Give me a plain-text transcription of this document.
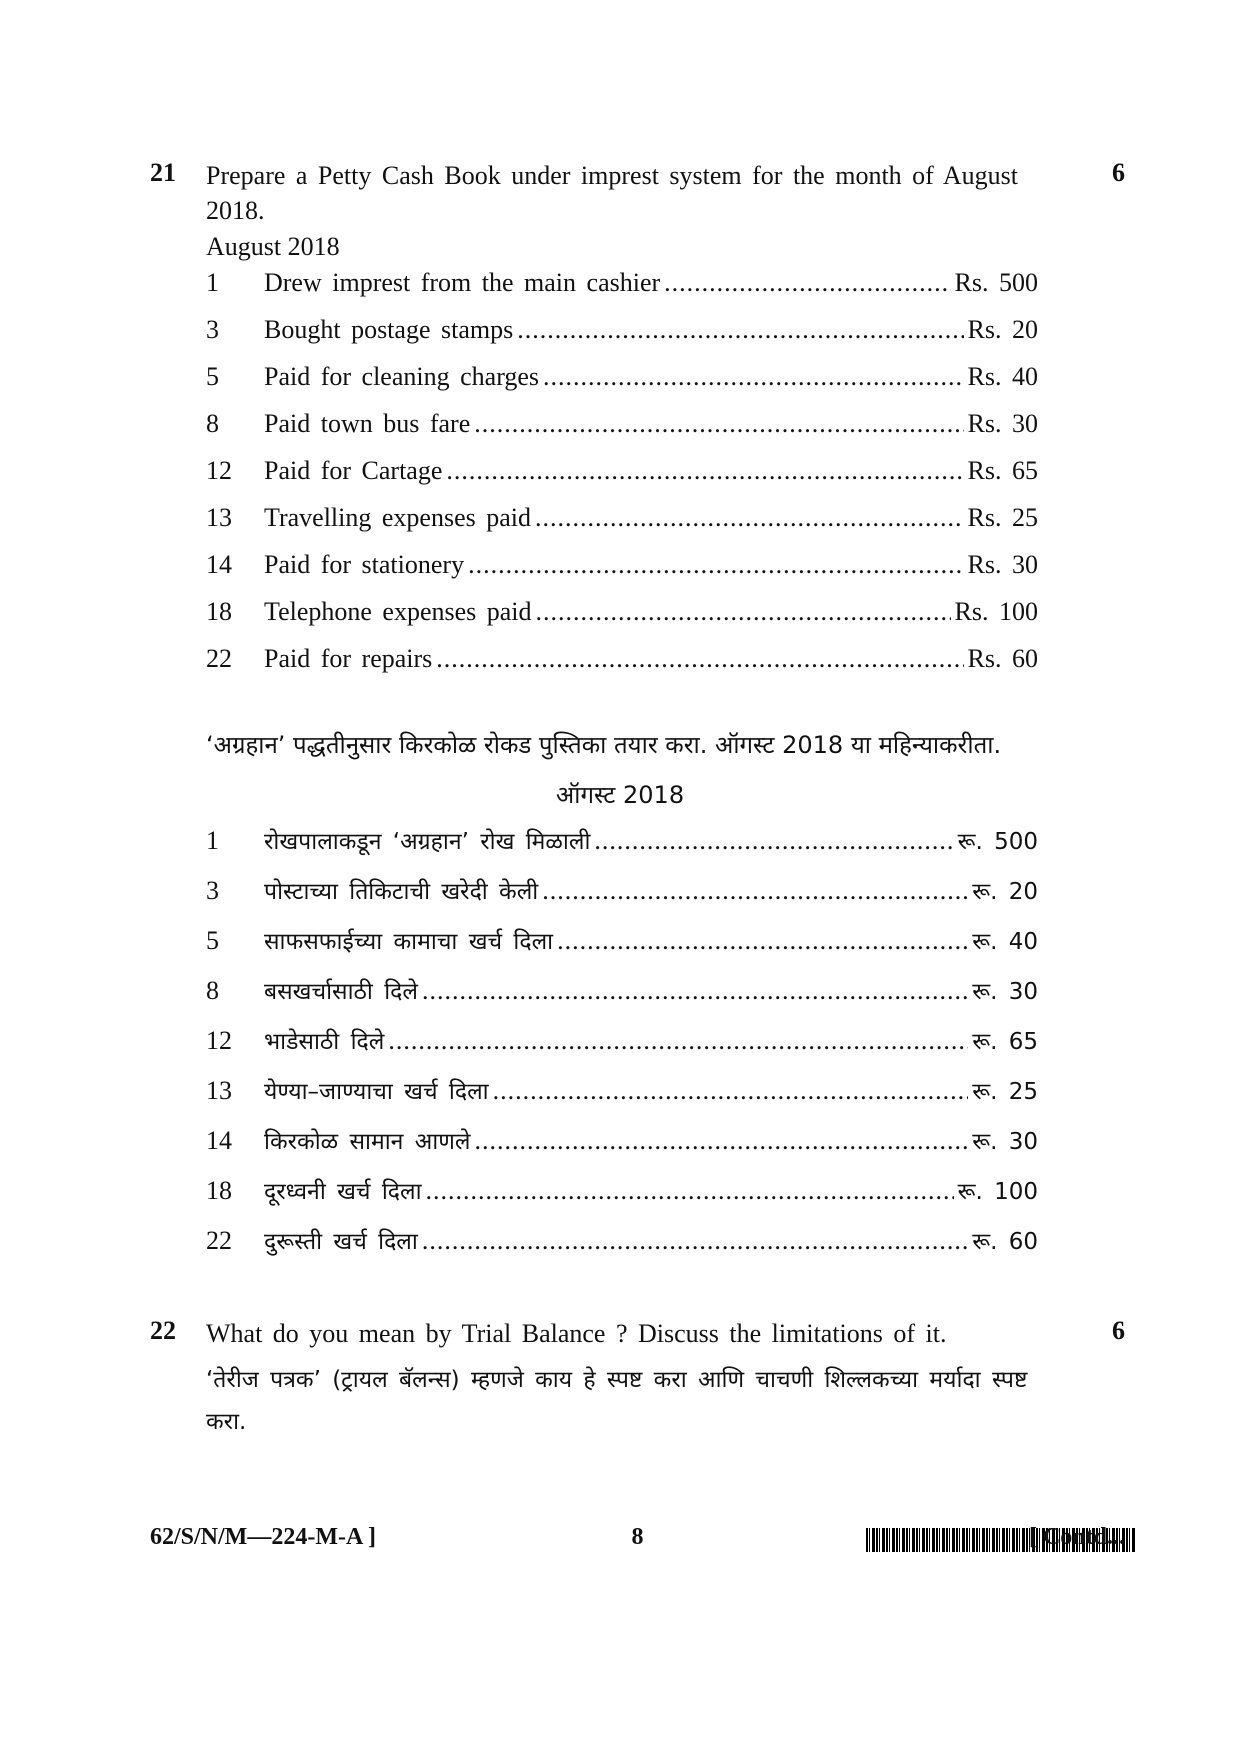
21 Prepare a Petty Cash Book under imprest system for the month of August 2018.
6
August 2018
1	Drew imprest from the main cashier .....	Rs. 500
3	Bought postage stamps .....	Rs. 20
5	Paid for cleaning charges .....	Rs. 40
8	Paid town bus fare .....	Rs. 30
12	Paid for Cartage .....	Rs. 65
13	Travelling expenses paid .....	Rs. 25
14	Paid for stationery .....	Rs. 30
18	Telephone expenses paid .....	Rs. 100
22	Paid for repairs .....	Rs. 60
‘अग्रहान’ पद्धतीनुसार किरकोळ रोकड पुस्तिका तयार करा. ऑगस्ट 2018 या महिन्याकरीता.
ऑगस्ट 2018
1	रोखपालाकडून ‘अग्रहान’ रोख मिळाली .....	रू. 500
3	पोस्टाच्या तिकिटाची खरेदी केली .....	रू. 20
5	साफसफाईच्या कामाचा खर्च दिला .....	रू. 40
8	बसखर्चासाठी दिले .....	रू. 30
12	भाडेसाठी दिले .....	रू. 65
13	येण्या–जाण्याचा खर्च दिला .....	रू. 25
14	किरकोळ सामान आणले .....	रू. 30
18	दूरध्वनी खर्च दिला .....	रू. 100
22	दुरूस्ती खर्च दिला .....	रू. 60
22 What do you mean by Trial Balance ? Discuss the limitations of it.	6
‘तेरीज पत्रक’ (ट्रायल बॅलन्स) म्हणजे काय हे स्पष्ट करा आणि चाचणी शिल्लकच्या मर्यादा स्पष्ट करा.
62/S/N/M—224-M-A ]	8	[ Contd...
